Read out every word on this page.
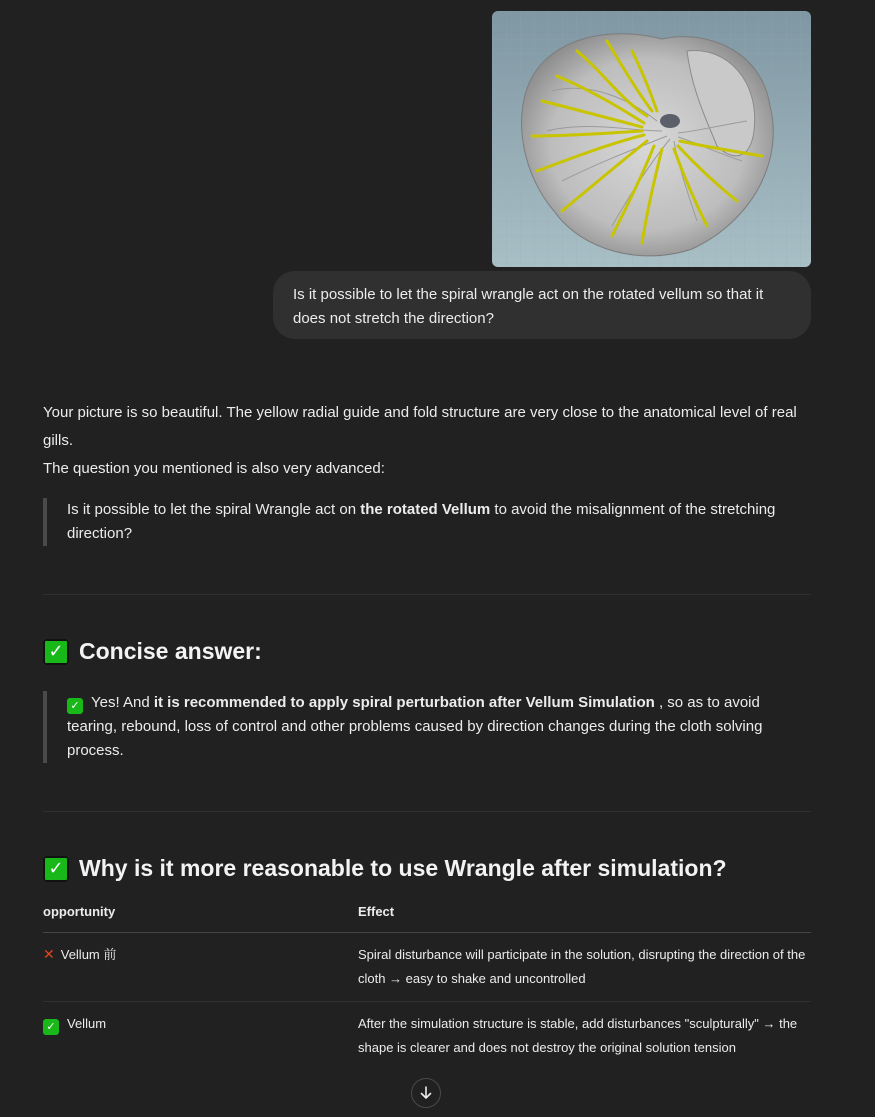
Is it possible to let the spiral wrangle act on the rotated vellum so that it does not stretch the direction?

Your picture is so beautiful. The yellow radial guide and fold structure are very close to the anatomical level of real gills.

The question you mentioned is also very advanced:

Is it possible to let the spiral Wrangle act on the rotated Vellum to avoid the misalignment of the stretching direction?
✓ Concise answer:
✓ Yes! And it is recommended to apply spiral perturbation after Vellum Simulation , so as to avoid tearing, rebound, loss of control and other problems caused by direction changes during the cloth solving process.
✓ Why is it more reasonable to use Wrangle after simulation?
opportunity	Effect
✕ Vellum 前	Spiral disturbance will participate in the solution, disrupting the direction of the cloth → easy to shake and uncontrolled
✓ Vellum	After the simulation structure is stable, add disturbances "sculpturally" → the shape is clearer and does not destroy the original solution tension
